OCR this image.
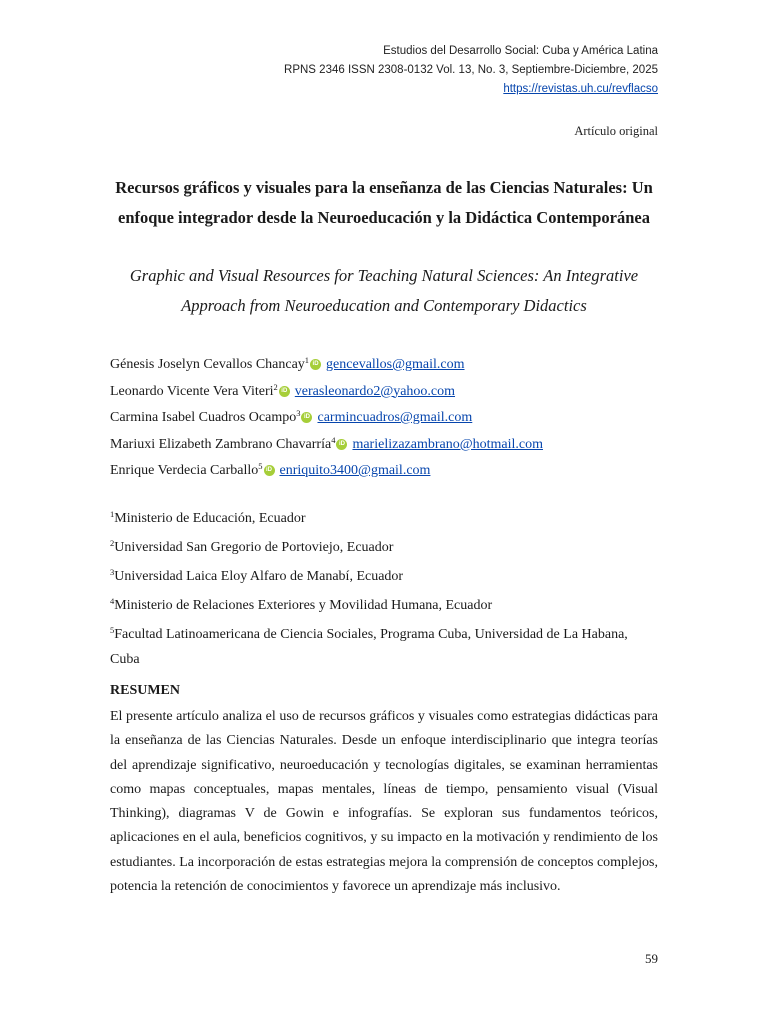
Estudios del Desarrollo Social: Cuba y América Latina
RPNS 2346 ISSN 2308-0132 Vol. 13, No. 3, Septiembre-Diciembre, 2025
https://revistas.uh.cu/revflacso
Artículo original
Recursos gráficos y visuales para la enseñanza de las Ciencias Naturales: Un enfoque integrador desde la Neuroeducación y la Didáctica Contemporánea
Graphic and Visual Resources for Teaching Natural Sciences: An Integrative Approach from Neuroeducation and Contemporary Didactics
Génesis Joselyn Cevallos Chancay$^1$ iD gencevallos@gmail.com
Leonardo Vicente Vera Viteri$^2$ iD verasleonardo2@yahoo.com
Carmina Isabel Cuadros Ocampo$^3$ iD carmincuadros@gmail.com
Mariuxi Elizabeth Zambrano Chavarría$^4$ iD marielizazambrano@hotmail.com
Enrique Verdecia Carballo$^5$ iD enriquito3400@gmail.com
$^1$Ministerio de Educación, Ecuador
$^2$Universidad San Gregorio de Portoviejo, Ecuador
$^3$Universidad Laica Eloy Alfaro de Manabí, Ecuador
$^4$Ministerio de Relaciones Exteriores y Movilidad Humana, Ecuador
$^5$Facultad Latinoamericana de Ciencia Sociales, Programa Cuba, Universidad de La Habana, Cuba
RESUMEN
El presente artículo analiza el uso de recursos gráficos y visuales como estrategias didácticas para la enseñanza de las Ciencias Naturales. Desde un enfoque interdisciplinario que integra teorías del aprendizaje significativo, neuroeducación y tecnologías digitales, se examinan herramientas como mapas conceptuales, mapas mentales, líneas de tiempo, pensamiento visual (Visual Thinking), diagramas V de Gowin e infografías. Se exploran sus fundamentos teóricos, aplicaciones en el aula, beneficios cognitivos, y su impacto en la motivación y rendimiento de los estudiantes. La incorporación de estas estrategias mejora la comprensión de conceptos complejos, potencia la retención de conocimientos y favorece un aprendizaje más inclusivo.
59
